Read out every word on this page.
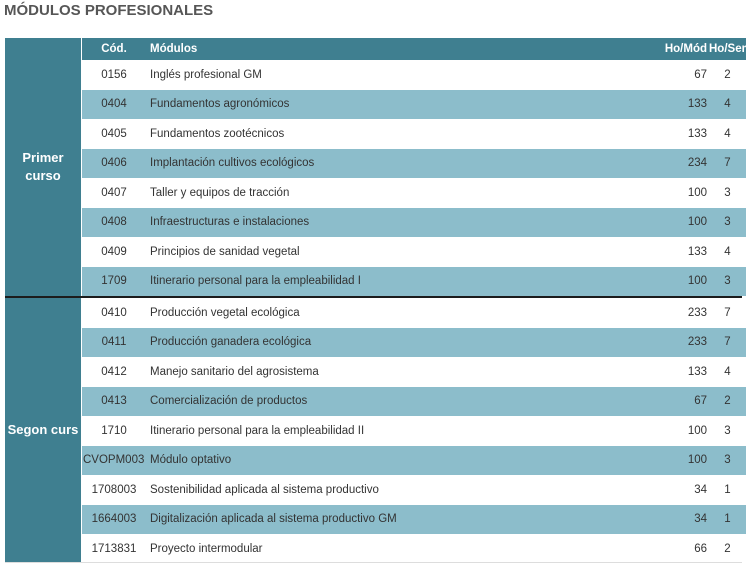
MÓDULOS PROFESIONALES
Primer curso
Segon curs
Cód.	Módulos	Ho/Mód	Ho/Sem
0156	Inglés profesional GM	67	2
0404	Fundamentos agronómicos	133	4
0405	Fundamentos zootécnicos	133	4
0406	Implantación cultivos ecológicos	234	7
0407	Taller y equipos de tracción	100	3
0408	Infraestructuras e instalaciones	100	3
0409	Principios de sanidad vegetal	133	4
1709	Itinerario personal para la empleabilidad I	100	3

0410	Producción vegetal ecológica	233	7
0411	Producción ganadera ecológica	233	7
0412	Manejo sanitario del agrosistema	133	4
0413	Comercialización de productos	67	2
1710	Itinerario personal para la empleabilidad II	100	3
CVOPM003	Módulo optativo	100	3
1708003	Sostenibilidad aplicada al sistema productivo	34	1
1664003	Digitalización aplicada al sistema productivo GM	34	1
1713831	Proyecto intermodular	66	2
